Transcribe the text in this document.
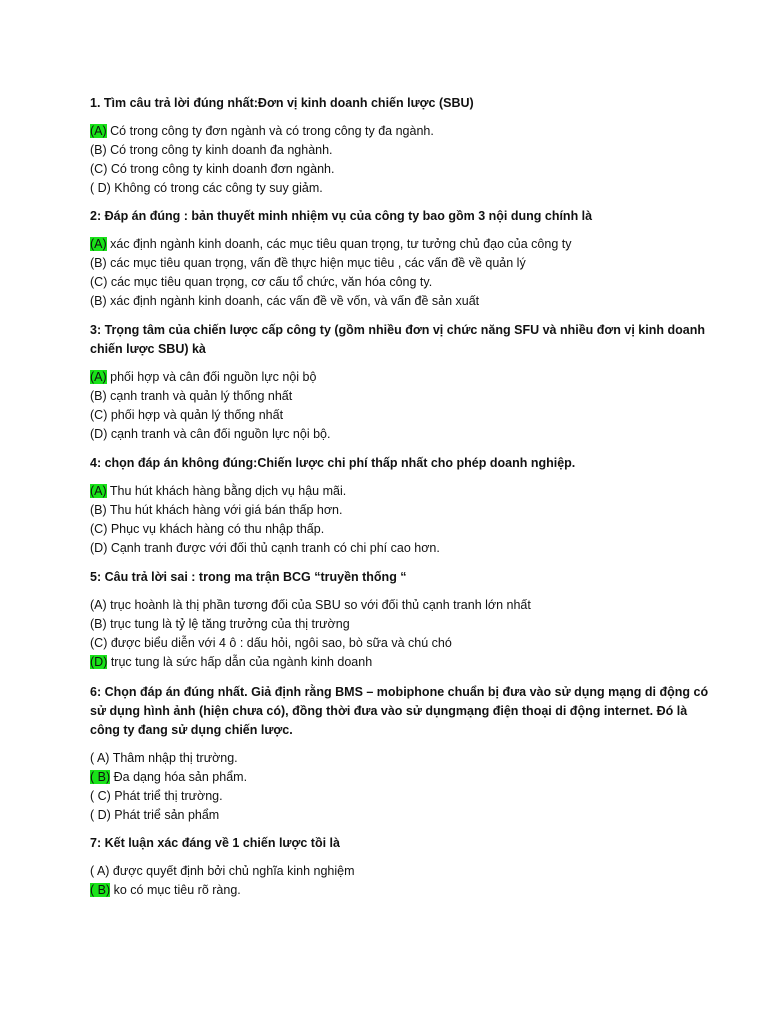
1. Tìm câu trả lời đúng nhất:Đơn vị kinh doanh chiến lược (SBU)
(A) Có trong công ty đơn ngành và có trong công ty đa ngành.
(B) Có trong công ty kinh doanh đa nghành.
(C) Có trong công ty kinh doanh đơn ngành.
( D) Không có trong các công ty suy giảm.
2: Đáp án đúng : bản thuyết minh nhiệm vụ của công ty bao gồm 3 nội dung chính là
(A) xác định ngành kinh doanh, các mục tiêu quan trọng, tư tưởng chủ đạo của công ty
(B) các mục tiêu quan trọng, vấn đề thực hiện mục tiêu , các vấn đề về quản lý
(C) các mục tiêu quan trọng, cơ cấu tổ chức, văn hóa công ty.
(B) xác định ngành kinh doanh, các vấn đề về vốn, và vấn đề sản xuất
3: Trọng tâm của chiến lược cấp công ty (gồm nhiều đơn vị chức năng SFU và nhiều đơn vị kinh doanh chiến lược SBU) kà
(A) phối hợp và cân đối nguồn lực nội bộ
(B) cạnh tranh và quản lý thống nhất
(C) phối hợp và quản lý thống nhất
(D) cạnh tranh và cân đối nguồn lực nội bộ.
4: chọn đáp án không đúng:Chiến lược chi phí thấp nhất cho phép doanh nghiệp.
(A) Thu hút khách hàng bằng dịch vụ hậu mãi.
(B) Thu hút khách hàng với giá bán thấp hơn.
(C) Phục vụ khách hàng có thu nhập thấp.
(D) Cạnh tranh được với đối thủ cạnh tranh có chi phí cao hơn.
5: Câu trả lời sai : trong ma trận BCG “truyền thống “
(A) trục hoành là thị phần tương đối của SBU so với đối thủ cạnh tranh lớn nhất
(B) trục tung là tỷ lệ tăng trưởng của thị trường
(C) được biểu diễn với 4 ô : dấu hỏi, ngôi sao, bò sữa và chú chó
(D) trục tung là sức hấp dẫn của ngành kinh doanh
6: Chọn đáp án đúng nhất. Giả định rằng BMS – mobiphone chuẩn bị đưa vào sử dụng mạng di động có sử dụng hình ảnh (hiện chưa có), đồng thời đưa vào sử dụngmạng điện thoại di động internet. Đó là công ty đang sử dụng chiến lược.
( A) Thâm nhập thị trường.
( B) Đa dạng hóa sản phẩm.
( C) Phát triể thị trường.
( D) Phát triể sản phẩm
7: Kết luận xác đáng về 1 chiến lược tồi là
( A) được quyết định bởi chủ nghĩa kinh nghiệm
( B) ko có mục tiêu rõ ràng.
